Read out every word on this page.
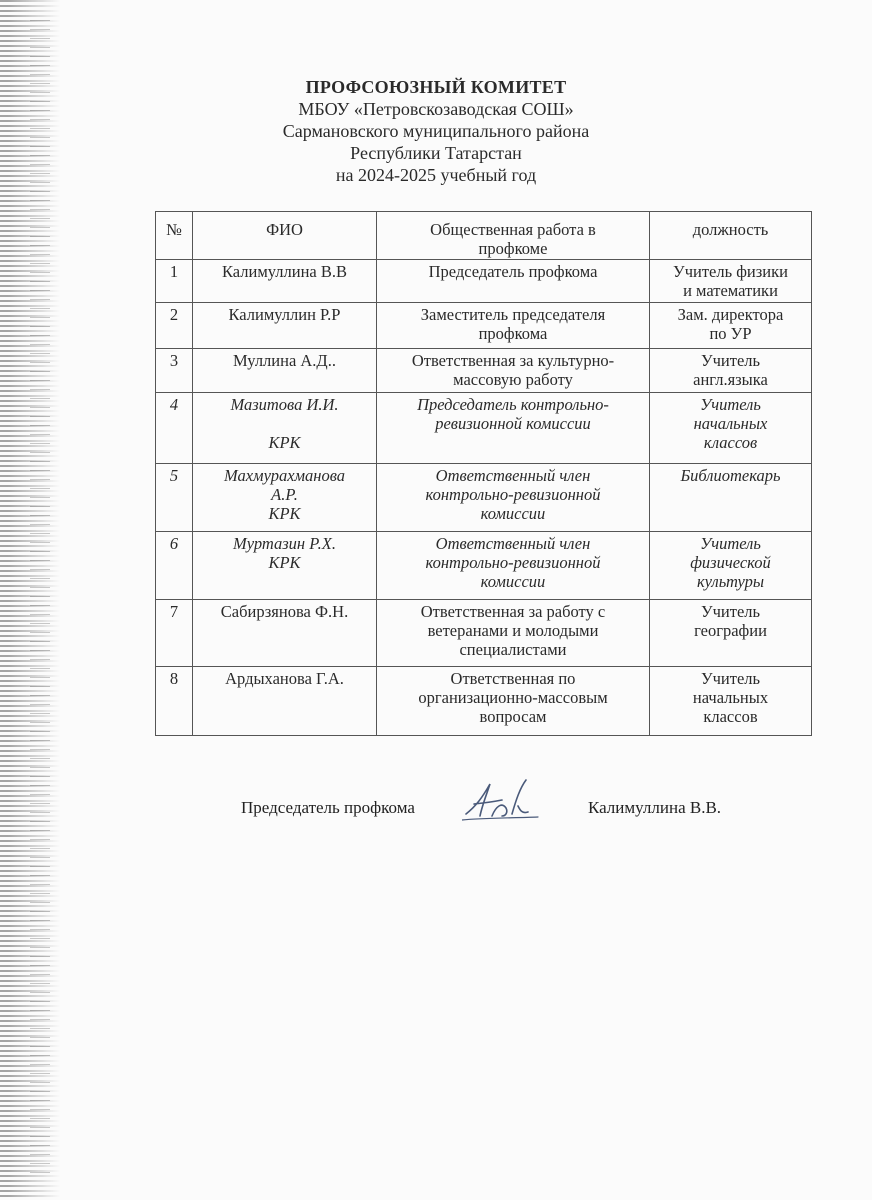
ПРОФСОЮЗНЫЙ КОМИТЕТ
МБОУ «Петровскозаводская СОШ»
Сармановского муниципального района
Республики Татарстан
на 2024-2025 учебный год
№	ФИО	Общественная работа в
профкоме	должность
1	Калимуллина В.В	Председатель профкома	Учитель физики
и математики

2	Калимуллин Р.Р	Заместитель председателя
профкома	Зам. директора
по УР

3	Муллина А.Д..	Ответственная за культурно-
массовую работу	Учитель
англ.языка

4	Мазитова И.И.
КРК	Председатель контрольно-
ревизионной комиссии	Учитель
начальных
классов

5	Махмурахманова
А.Р.
КРК	Ответственный член
контрольно-ревизионной
комиссии	Библиотекарь

6	Муртазин Р.Х.
КРК	Ответственный член
контрольно-ревизионной
комиссии	Учитель
физической
культуры

7	Сабирзянова Ф.Н.	Ответственная за работу с
ветеранами и молодыми
специалистами	Учитель
географии

8	Ардыханова Г.А.	Ответственная по
организационно-массовым
вопросам	Учитель
начальных
классов
Председатель профкома	Калимуллина В.В.
